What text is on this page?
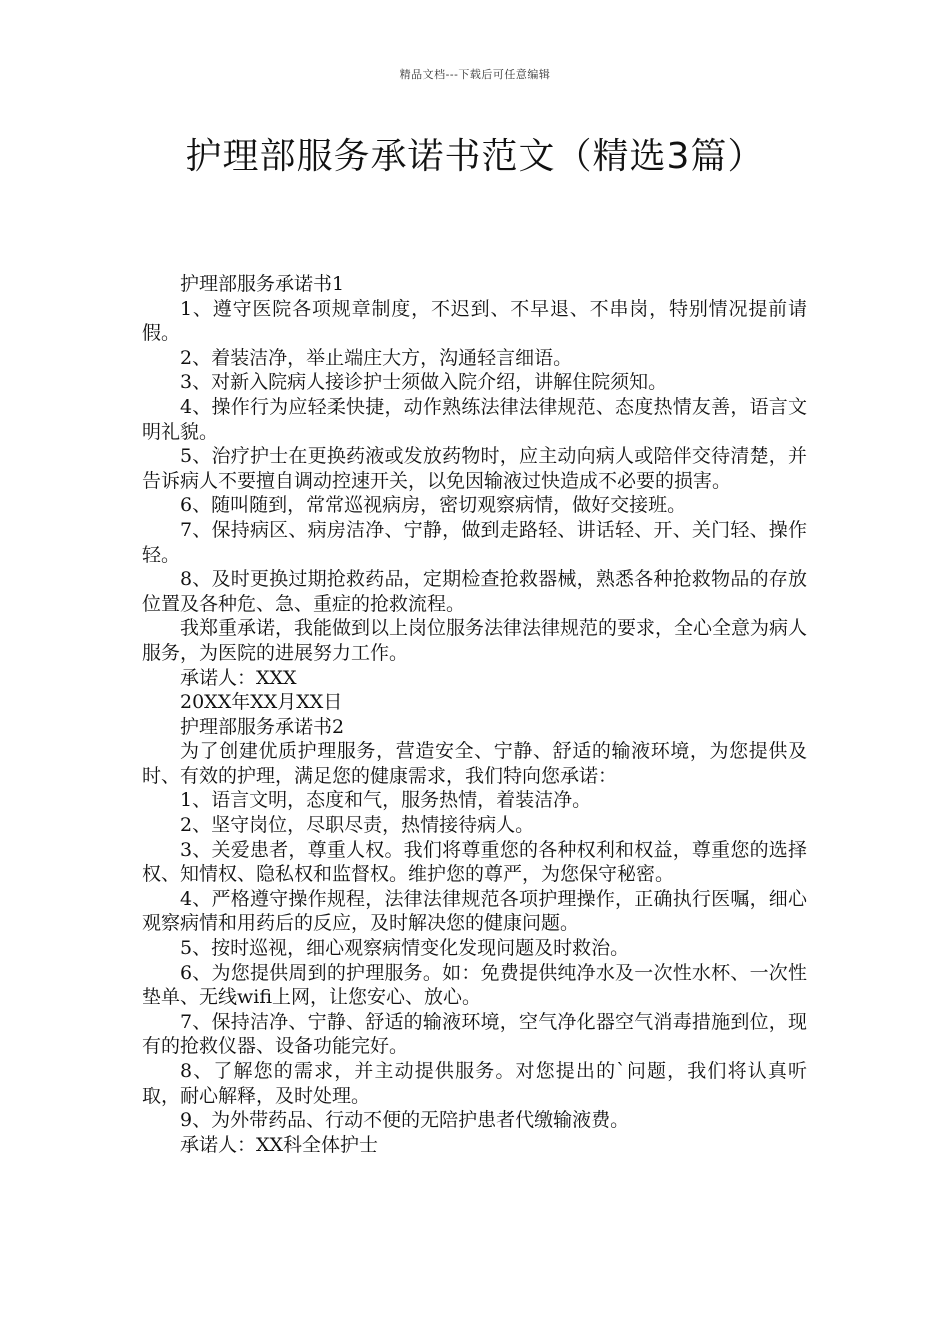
精品文档---下载后可任意编辑
护理部服务承诺书范文（精选3篇）

护理部服务承诺书1

1、遵守医院各项规章制度，不迟到、不早退、不串岗，特别情况提前请假。

2、着装洁净，举止端庄大方，沟通轻言细语。

3、对新入院病人接诊护士须做入院介绍，讲解住院须知。

4、操作行为应轻柔快捷，动作熟练法律法律规范、态度热情友善，语言文明礼貌。

5、治疗护士在更换药液或发放药物时，应主动向病人或陪伴交待清楚，并告诉病人不要擅自调动控速开关，以免因输液过快造成不必要的损害。

6、随叫随到，常常巡视病房，密切观察病情，做好交接班。

7、保持病区、病房洁净、宁静，做到走路轻、讲话轻、开、关门轻、操作轻。

8、及时更换过期抢救药品，定期检查抢救器械，熟悉各种抢救物品的存放位置及各种危、急、重症的抢救流程。

我郑重承诺，我能做到以上岗位服务法律法律规范的要求，全心全意为病人服务，为医院的进展努力工作。

承诺人：XXX

20XX年XX月XX日

护理部服务承诺书2

为了创建优质护理服务，营造安全、宁静、舒适的输液环境，为您提供及时、有效的护理，满足您的健康需求，我们特向您承诺：

1、语言文明，态度和气，服务热情，着装洁净。

2、坚守岗位，尽职尽责，热情接待病人。

3、关爱患者，尊重人权。我们将尊重您的各种权利和权益，尊重您的选择权、知情权、隐私权和监督权。维护您的尊严，为您保守秘密。

4、严格遵守操作规程，法律法律规范各项护理操作，正确执行医嘱，细心观察病情和用药后的反应，及时解决您的健康问题。

5、按时巡视，细心观察病情变化发现问题及时救治。

6、为您提供周到的护理服务。如：免费提供纯净水及一次性水杯、一次性垫单、无线wifi上网，让您安心、放心。

7、保持洁净、宁静、舒适的输液环境，空气净化器空气消毒措施到位，现有的抢救仪器、设备功能完好。

8、了解您的需求，并主动提供服务。对您提出的`问题，我们将认真听取，耐心解释，及时处理。

9、为外带药品、行动不便的无陪护患者代缴输液费。

承诺人：XX科全体护士
